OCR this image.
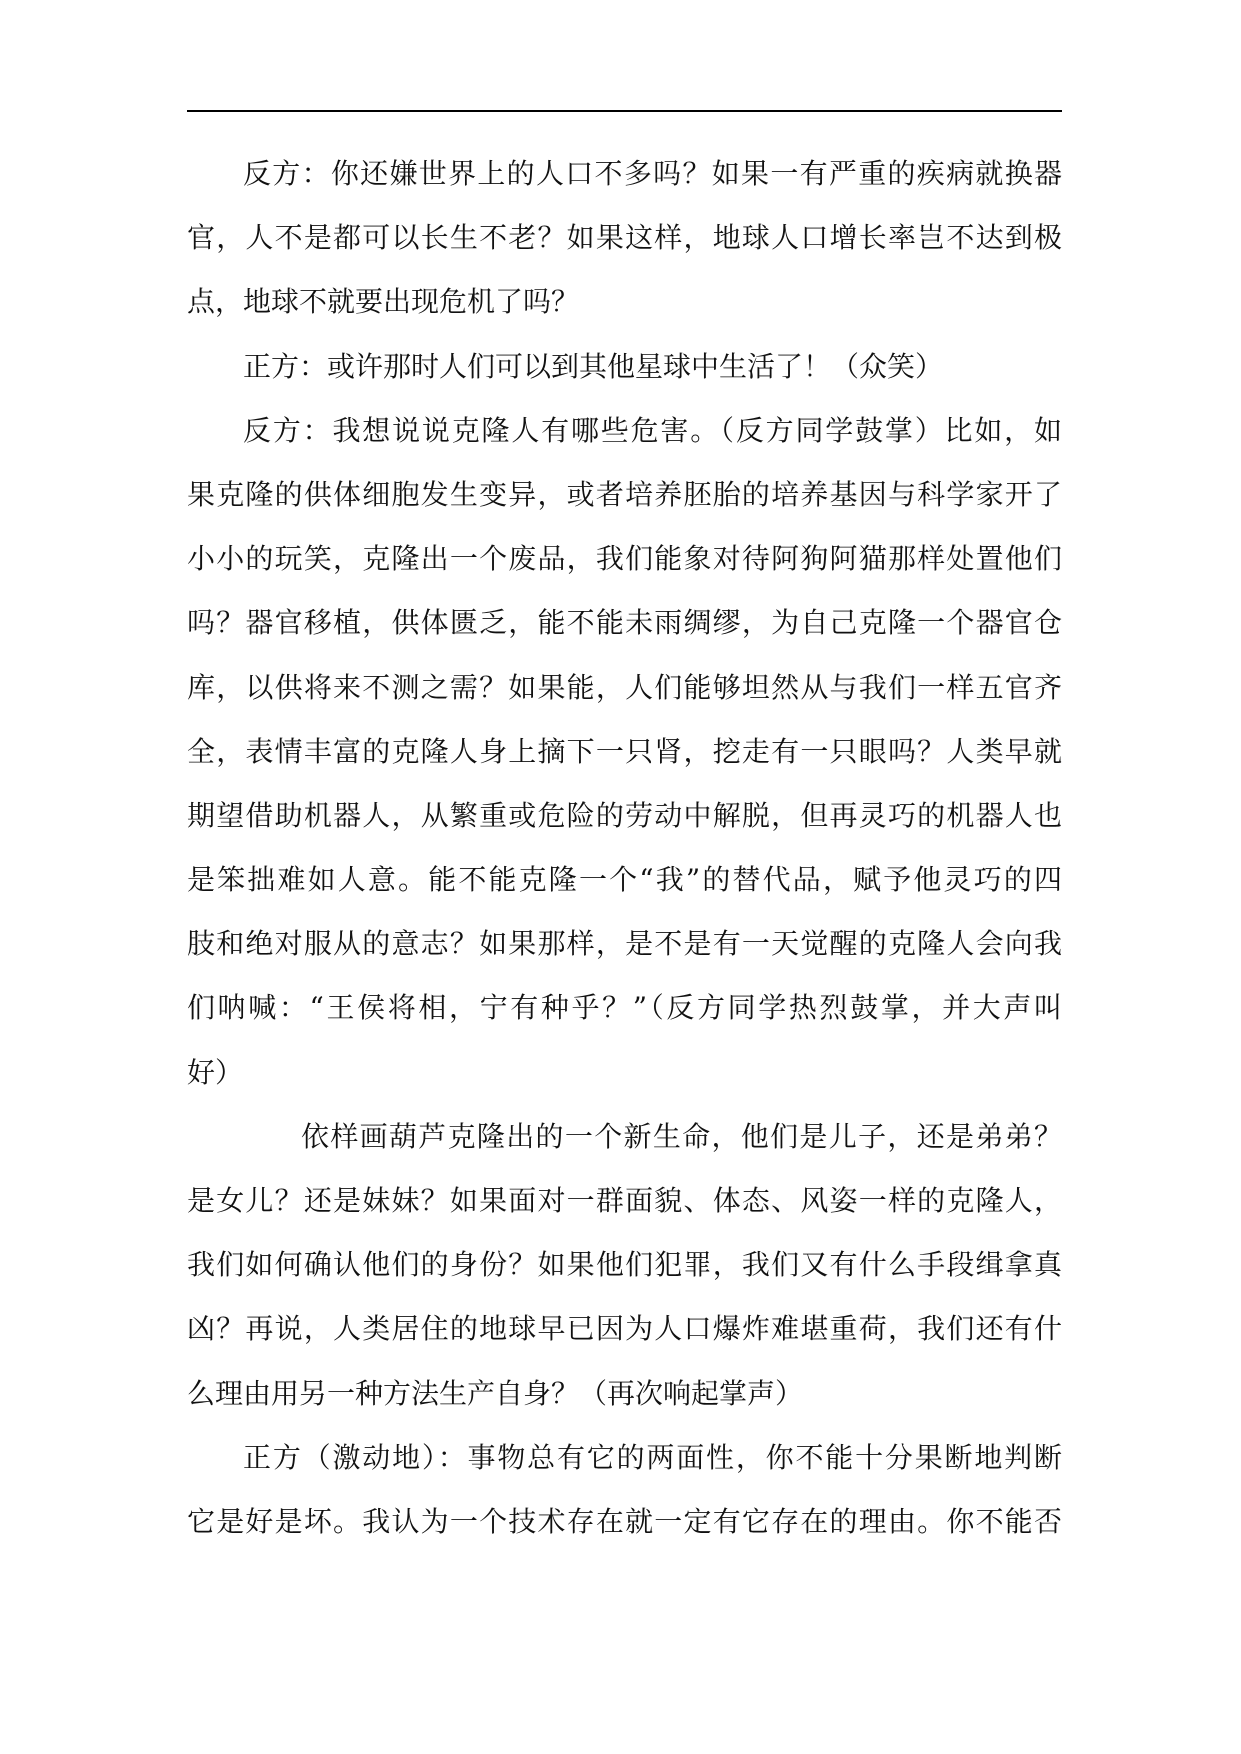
反方：你还嫌世界上的人口不多吗？如果一有严重的疾病就换器
官，人不是都可以长生不老？如果这样，地球人口增长率岂不达到极
点，地球不就要出现危机了吗？
正方：或许那时人们可以到其他星球中生活了！（众笑）
反方：我想说说克隆人有哪些危害。（反方同学鼓掌）比如，如
果克隆的供体细胞发生变异，或者培养胚胎的培养基因与科学家开了
小小的玩笑，克隆出一个废品，我们能象对待阿狗阿猫那样处置他们
吗？器官移植，供体匮乏，能不能未雨绸缪，为自己克隆一个器官仓
库，以供将来不测之需？如果能，人们能够坦然从与我们一样五官齐
全，表情丰富的克隆人身上摘下一只肾，挖走有一只眼吗？人类早就
期望借助机器人，从繁重或危险的劳动中解脱，但再灵巧的机器人也
是笨拙难如人意。能不能克隆一个“我”的替代品，赋予他灵巧的四
肢和绝对服从的意志？如果那样，是不是有一天觉醒的克隆人会向我
们呐喊：“王侯将相，宁有种乎？”（反方同学热烈鼓掌，并大声叫
好）
依样画葫芦克隆出的一个新生命，他们是儿子，还是弟弟？
是女儿？还是妹妹？如果面对一群面貌、体态、风姿一样的克隆人，
我们如何确认他们的身份？如果他们犯罪，我们又有什么手段缉拿真
凶？再说，人类居住的地球早已因为人口爆炸难堪重荷，我们还有什
么理由用另一种方法生产自身？（再次响起掌声）
正方（激动地）：事物总有它的两面性，你不能十分果断地判断
它是好是坏。我认为一个技术存在就一定有它存在的理由。你不能否
